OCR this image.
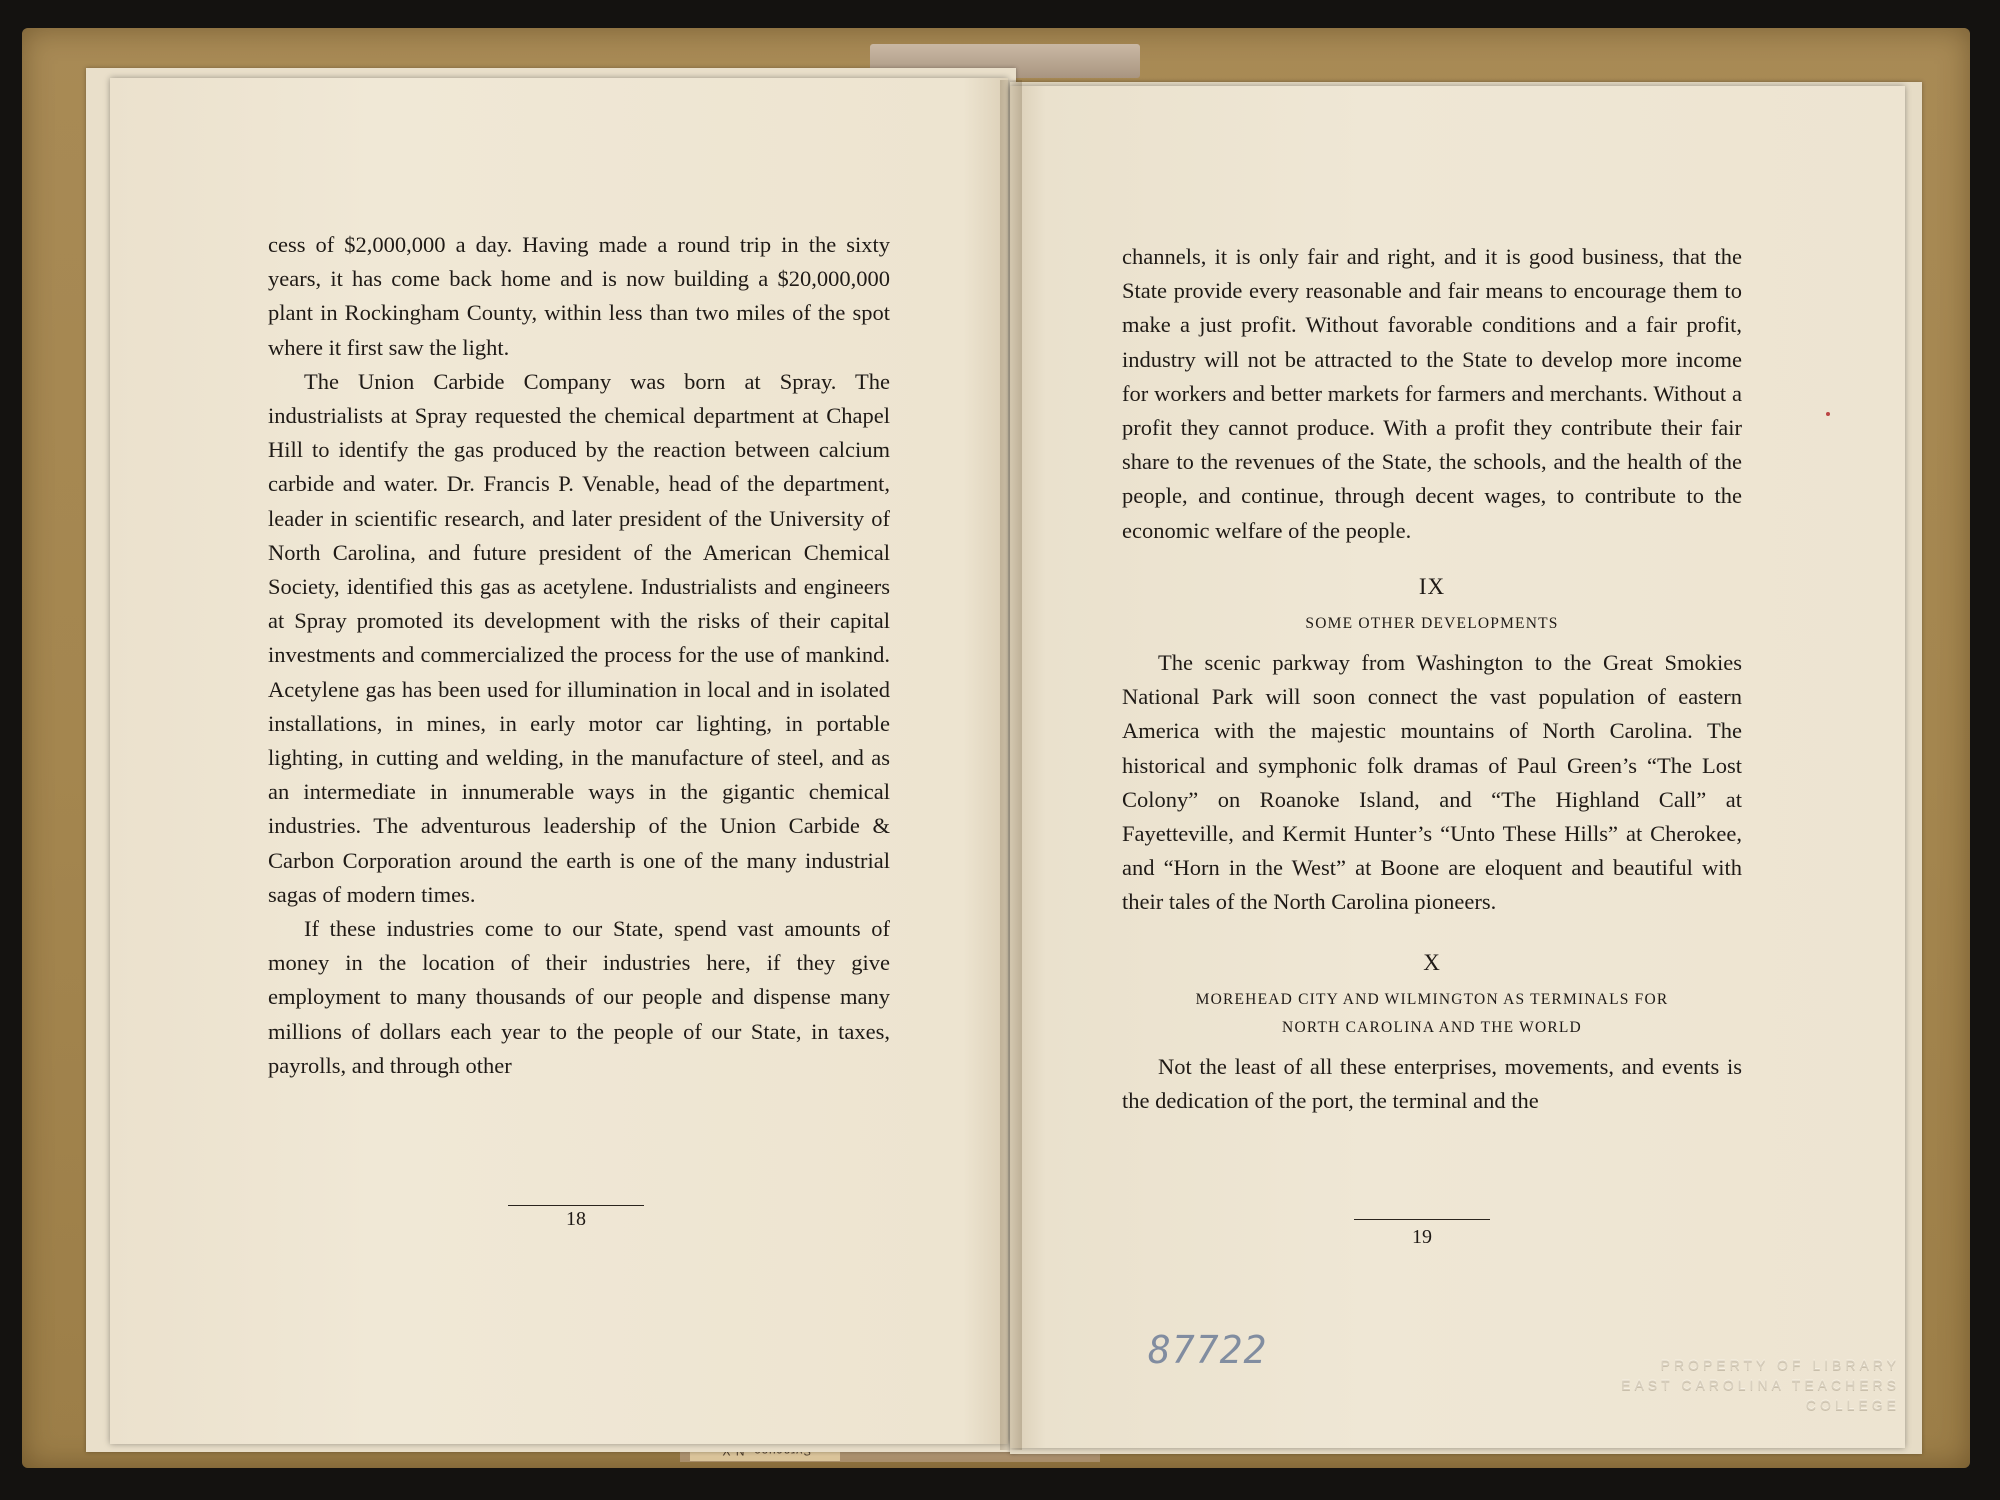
cess of $2,000,000 a day. Having made a round trip in the sixty years, it has come back home and is now building a $20,000,000 plant in Rockingham County, within less than two miles of the spot where it first saw the light.

The Union Carbide Company was born at Spray. The industrialists at Spray requested the chemical department at Chapel Hill to identify the gas produced by the reaction between calcium carbide and water. Dr. Francis P. Venable, head of the department, leader in scientific research, and later president of the University of North Carolina, and future president of the American Chemical Society, identified this gas as acetylene. Industrialists and engineers at Spray promoted its development with the risks of their capital investments and commercialized the process for the use of mankind. Acetylene gas has been used for illumination in local and in isolated installations, in mines, in early motor car lighting, in portable lighting, in cutting and welding, in the manufacture of steel, and as an intermediate in innumerable ways in the gigantic chemical industries. The adventurous leadership of the Union Carbide & Carbon Corporation around the earth is one of the many industrial sagas of modern times.

If these industries come to our State, spend vast amounts of money in the location of their industries here, if they give employment to many thousands of our people and dispense many millions of dollars each year to the people of our State, in taxes, payrolls, and through other

18

channels, it is only fair and right, and it is good business, that the State provide every reasonable and fair means to encourage them to make a just profit. Without favorable conditions and a fair profit, industry will not be attracted to the State to develop more income for workers and better markets for farmers and merchants. Without a profit they cannot produce. With a profit they contribute their fair share to the revenues of the State, the schools, and the health of the people, and continue, through decent wages, to contribute to the economic welfare of the people.

IX
SOME OTHER DEVELOPMENTS

The scenic parkway from Washington to the Great Smokies National Park will soon connect the vast population of eastern America with the majestic mountains of North Carolina. The historical and symphonic folk dramas of Paul Green’s “The Lost Colony” on Roanoke Island, and “The Highland Call” at Fayetteville, and Kermit Hunter’s “Unto These Hills” at Cherokee, and “Horn in the West” at Boone are eloquent and beautiful with their tales of the North Carolina pioneers.

X
MOREHEAD CITY AND WILMINGTON AS TERMINALS FOR
NORTH CAROLINA AND THE WORLD

Not the least of all these enterprises, movements, and events is the dedication of the port, the terminal and the

19
87722	PROPERTY OF LIBRARY
EAST CAROLINA TEACHERS COLLEGE
